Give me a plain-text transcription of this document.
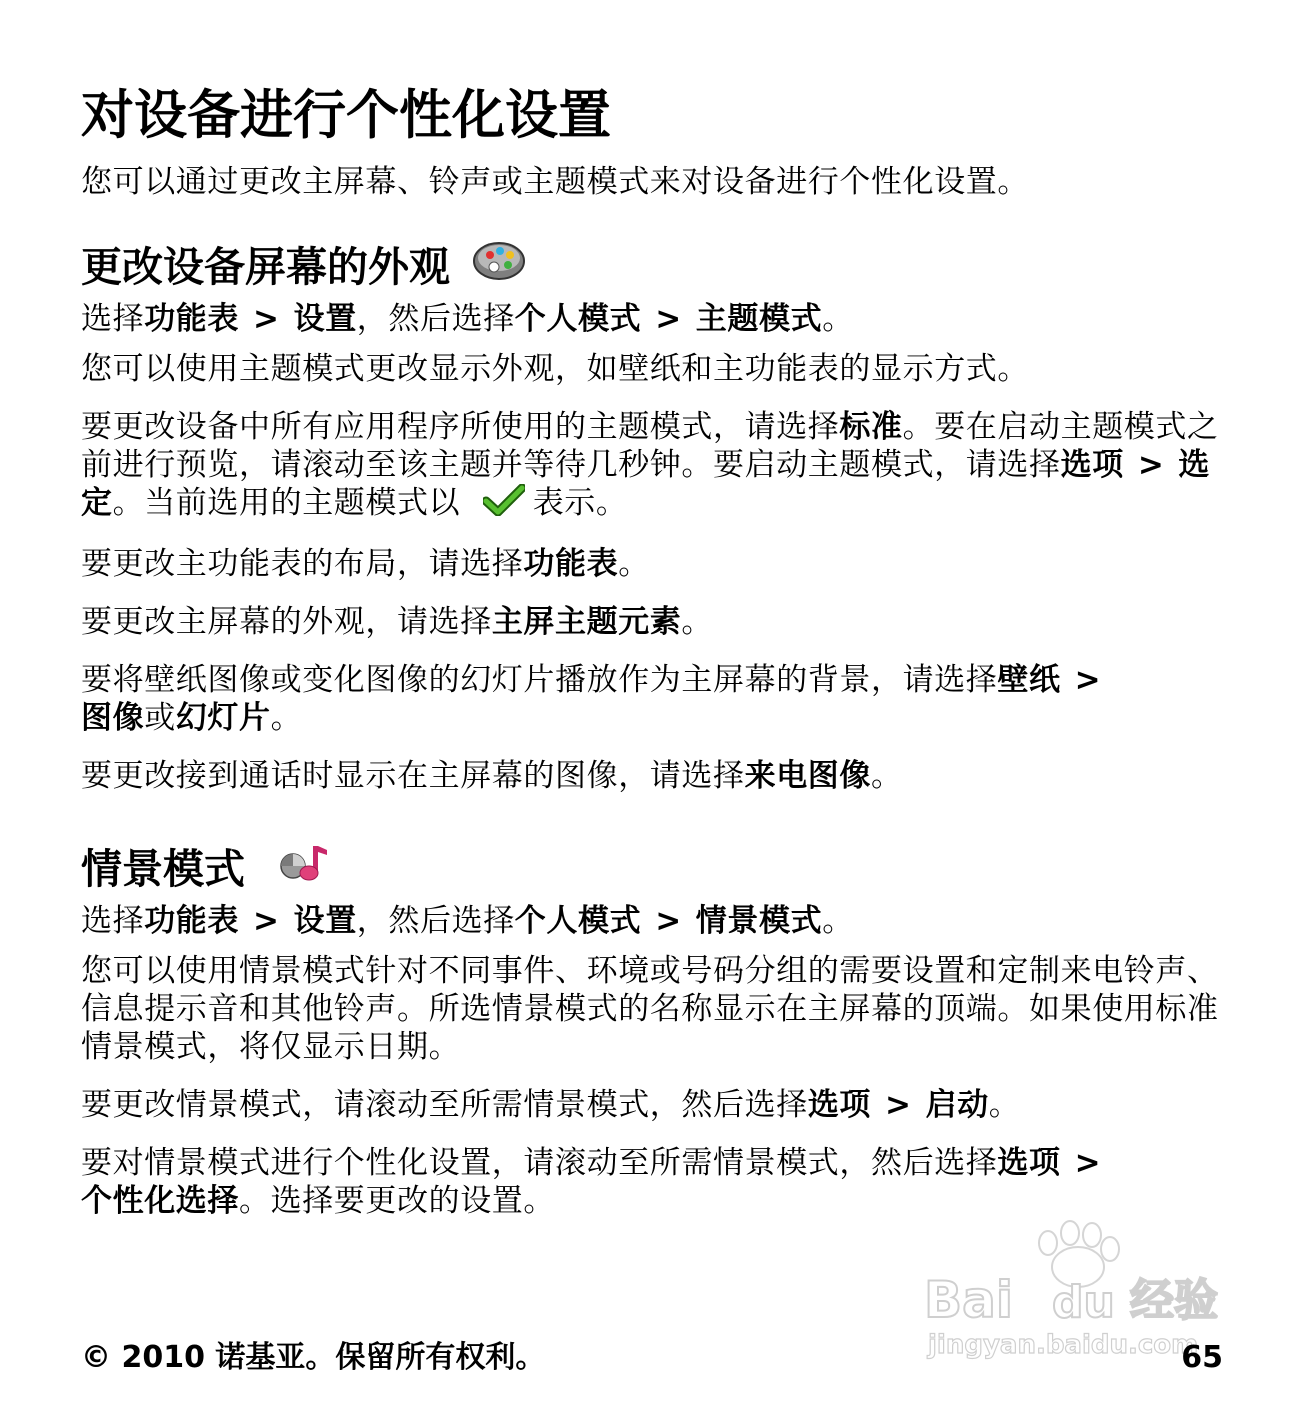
对设备进行个性化设置

您可以通过更改主屏幕、铃声或主题模式来对设备进行个性化设置。

更改设备屏幕的外观

选择功能表 > 设置，然后选择个人模式 > 主题模式。

您可以使用主题模式更改显示外观，如壁纸和主功能表的显示方式。

要更改设备中所有应用程序所使用的主题模式，请选择标准。要在启动主题模式之前进行预览，请滚动至该主题并等待几秒钟。要启动主题模式，请选择选项 > 选定。当前选用的主题模式以 表示。

要更改主功能表的布局，请选择功能表。

要更改主屏幕的外观，请选择主屏主题元素。

要将壁纸图像或变化图像的幻灯片播放作为主屏幕的背景，请选择壁纸 >
图像或幻灯片。

要更改接到通话时显示在主屏幕的图像，请选择来电图像。

情景模式

选择功能表 > 设置，然后选择个人模式 > 情景模式。

您可以使用情景模式针对不同事件、环境或号码分组的需要设置和定制来电铃声、信息提示音和其他铃声。所选情景模式的名称显示在主屏幕的顶端。如果使用标准情景模式，将仅显示日期。

要更改情景模式，请滚动至所需情景模式，然后选择选项 > 启动。

要对情景模式进行个性化设置，请滚动至所需情景模式，然后选择选项 >
个性化选择。选择要更改的设置。

Bai du 经验
jingyan.baidu.com
© 2010 诺基亚。保留所有权利。	65
